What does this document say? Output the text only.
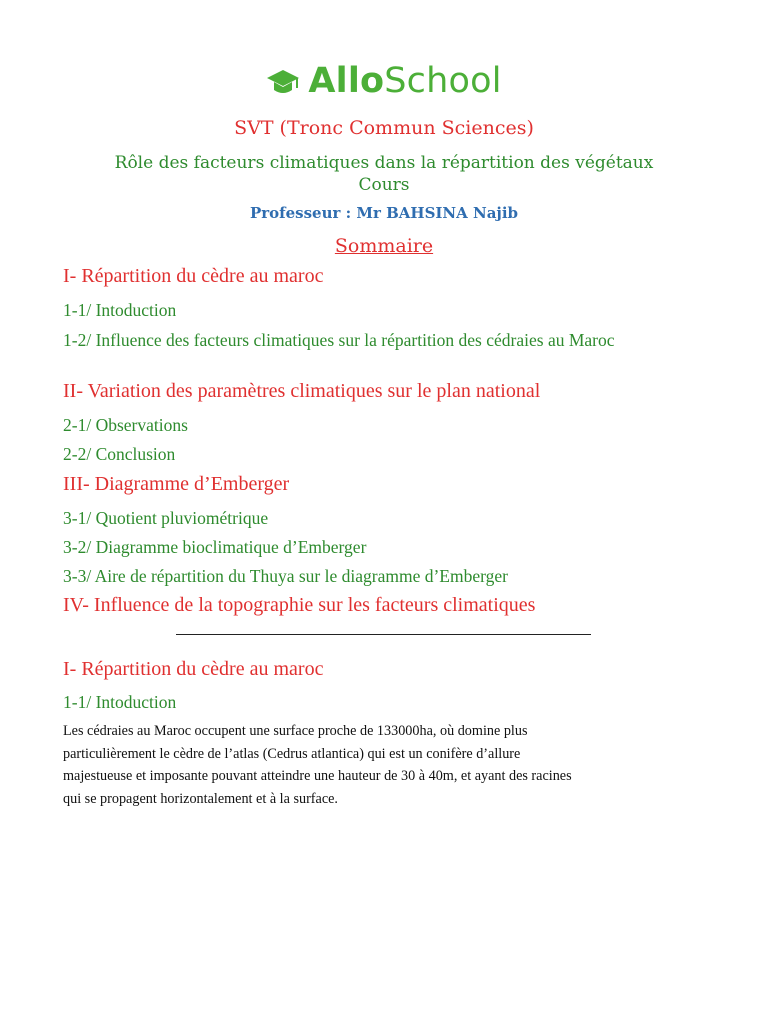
AlloSchool
SVT (Tronc Commun Sciences)
Rôle des facteurs climatiques dans la répartition des végétaux
Cours
Professeur : Mr BAHSINA Najib
Sommaire
I- Répartition du cèdre au maroc
1-1/ Intoduction
1-2/ Influence des facteurs climatiques sur la répartition des cédraies au Maroc
II- Variation des paramètres climatiques sur le plan national
2-1/ Observations
2-2/ Conclusion
III- Diagramme d’Emberger
3-1/ Quotient pluviométrique
3-2/ Diagramme bioclimatique d’Emberger
3-3/ Aire de répartition du Thuya sur le diagramme d’Emberger
IV- Influence de la topographie sur les facteurs climatiques
I- Répartition du cèdre au maroc
1-1/ Intoduction
Les cédraies au Maroc occupent une surface proche de 133000ha, où domine plus
particulièrement le cèdre de l’atlas (Cedrus atlantica) qui est un conifère d’allure
majestueuse et imposante pouvant atteindre une hauteur de 30 à 40m, et ayant des racines
qui se propagent horizontalement et à la surface.
